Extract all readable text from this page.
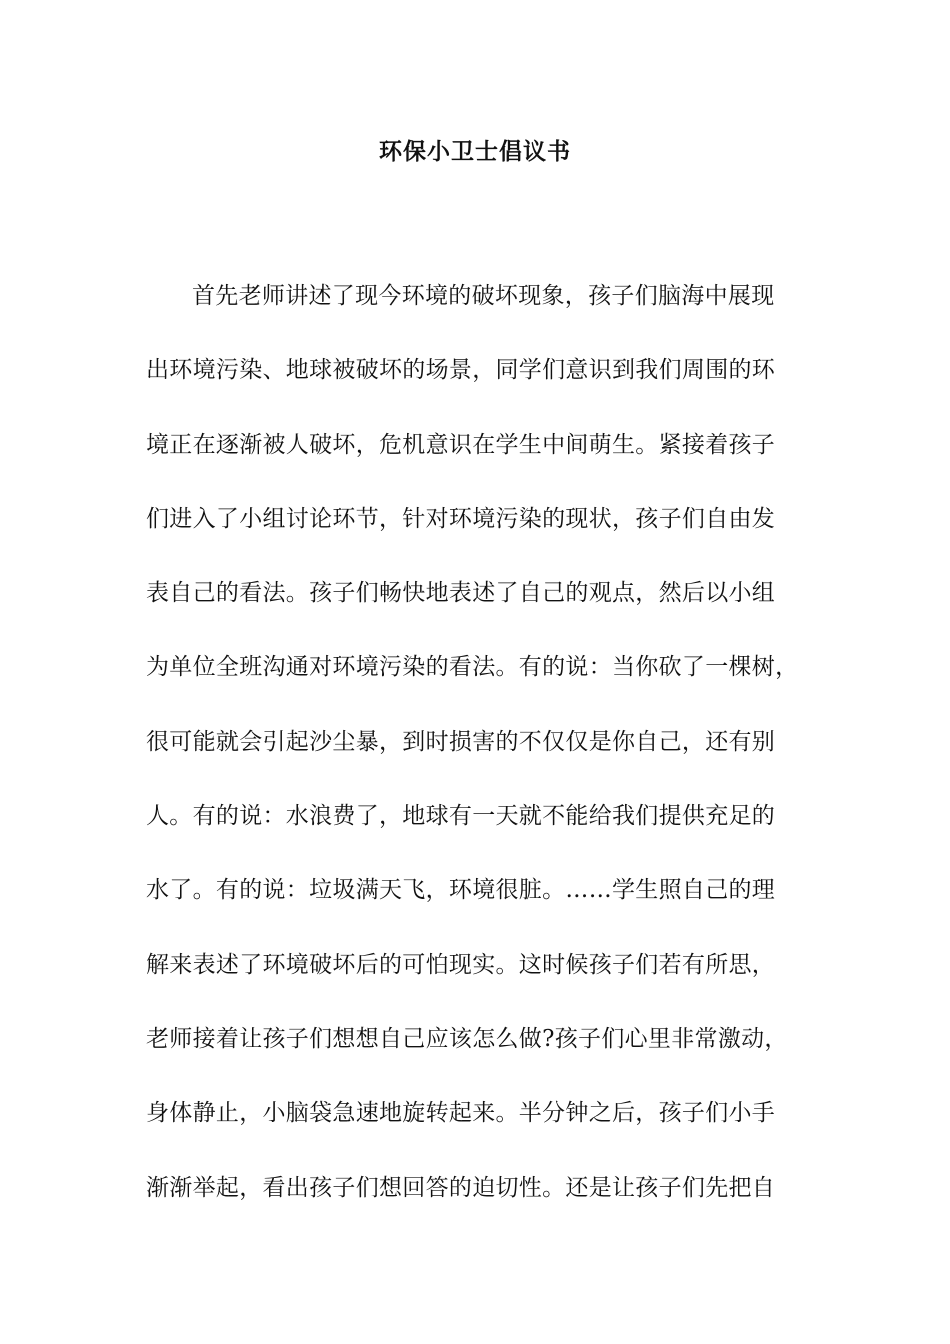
环保小卫士倡议书
首先老师讲述了现今环境的破坏现象，孩子们脑海中展现
出环境污染、地球被破坏的场景，同学们意识到我们周围的环
境正在逐渐被人破坏，危机意识在学生中间萌生。紧接着孩子
们进入了小组讨论环节，针对环境污染的现状，孩子们自由发
表自己的看法。孩子们畅快地表述了自己的观点，然后以小组
为单位全班沟通对环境污染的看法。有的说：当你砍了一棵树，
很可能就会引起沙尘暴，到时损害的不仅仅是你自己，还有别
人。有的说：水浪费了，地球有一天就不能给我们提供充足的
水了。有的说：垃圾满天飞，环境很脏。……学生照自己的理
解来表述了环境破坏后的可怕现实。这时候孩子们若有所思，
老师接着让孩子们想想自己应该怎么做?孩子们心里非常激动，
身体静止，小脑袋急速地旋转起来。半分钟之后，孩子们小手
渐渐举起，看出孩子们想回答的迫切性。还是让孩子们先把自
